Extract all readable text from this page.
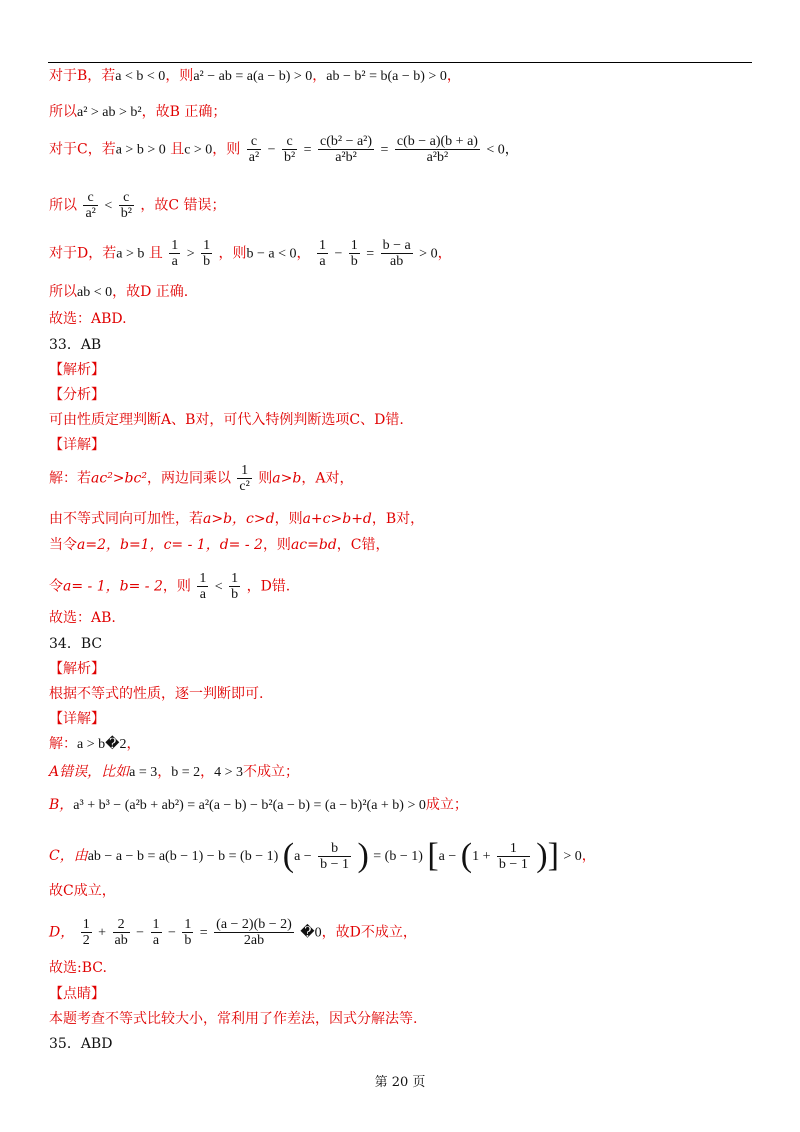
对于B，若a < b < 0，则a² − ab = a(a − b) > 0，ab − b² = b(a − b) > 0，
所以a² > ab > b²，故B 正确；
对于C，若a > b > 0 且c > 0，则 $\frac{c}{\text{a²}} - \frac{c}{\text{b²}} = \frac{\text{c(b² − a²)}}{\text{a²b²}} = \frac{c(b - a)(b + a)}{\text{a²b²}} < 0$，
所以 $\frac{c}{\text{a²}} < \frac{c}{\text{b²}}$ ，故C 错误；
对于D，若a > b 且 $\frac{1}{a} > \frac{1}{b}$ ，则b − a < 0， $\frac{1}{a} - \frac{1}{b} = \frac{b - a}{ab} > 0$，
所以ab < 0，故D 正确.
故选：ABD.
33．AB
【解析】
【分析】
可由性质定理判断A、B对，可代入特例判断选项C、D错.
【详解】
解：若ac²>bc²，两边同乘以 $\frac{1}{\text{c²}}$ 则a>b，A对，
由不等式同向可加性，若a>b，c>d，则a+c>b+d，B对，
当令a=2，b=1，c= - 1，d= - 2，则ac=bd，C错，
令a= - 1，b= - 2，则 $\frac{1}{a} < \frac{1}{b}$ ，D错.
故选：AB.
34．BC
【解析】
根据不等式的性质，逐一判断即可.
【详解】
解：a > b�2，
A错误，比如a = 3，b = 2，4 > 3不成立；
B，a³ + b³ − (a²b + ab²) = a²(a − b) − b²(a − b) = (a − b)²(a + b) > 0成立；
C，由ab − a − b = a(b − 1) − b = (b − 1) ($a - \frac{b}{b - 1}$ ) = (b − 1) [$a - (1 + \frac{1}{b - 1}$ )] > 0，
故C成立，
D， $\frac{1}{2} + \frac{2}{ab} - \frac{1}{a} - \frac{1}{b} = \frac{(a - 2)(b - 2)}{2ab}$ �0，故D不成立，
故选:BC.
【点睛】
本题考查不等式比较大小，常利用了作差法，因式分解法等.
35．ABD
第 20 页
